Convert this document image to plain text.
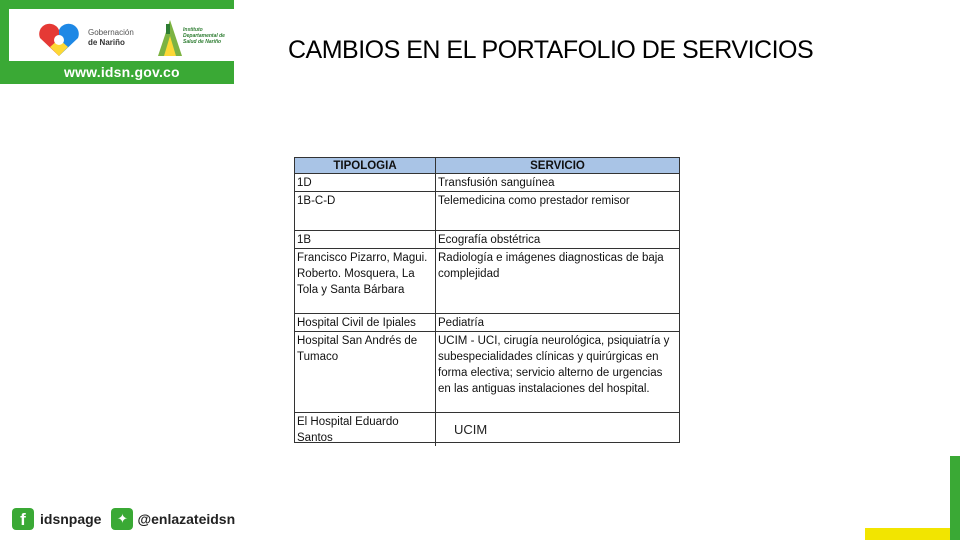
www.idsn.gov.co
Gobernación
de Nariño
Instituto Departamental de Salud de Nariño	CAMBIOS EN EL PORTAFOLIO DE SERVICIOS
TIPOLOGIA	SERVICIO
1D	Transfusión sanguínea
1B-C-D	Telemedicina como prestador remisor
1B	Ecografía obstétrica
Francisco Pizarro, Magui. Roberto. Mosquera, La Tola y Santa Bárbara	Radiología e imágenes diagnosticas de baja complejidad
Hospital Civil de Ipiales	Pediatría
Hospital San Andrés de Tumaco	UCIM - UCI, cirugía neurológica, psiquiatría y subespecialidades clínicas y quirúrgicas en forma electiva; servicio alterno de urgencias en las antiguas instalaciones del hospital.
El Hospital Eduardo Santos	UCIM
f	idsnpage	✦ @enlazateidsn
